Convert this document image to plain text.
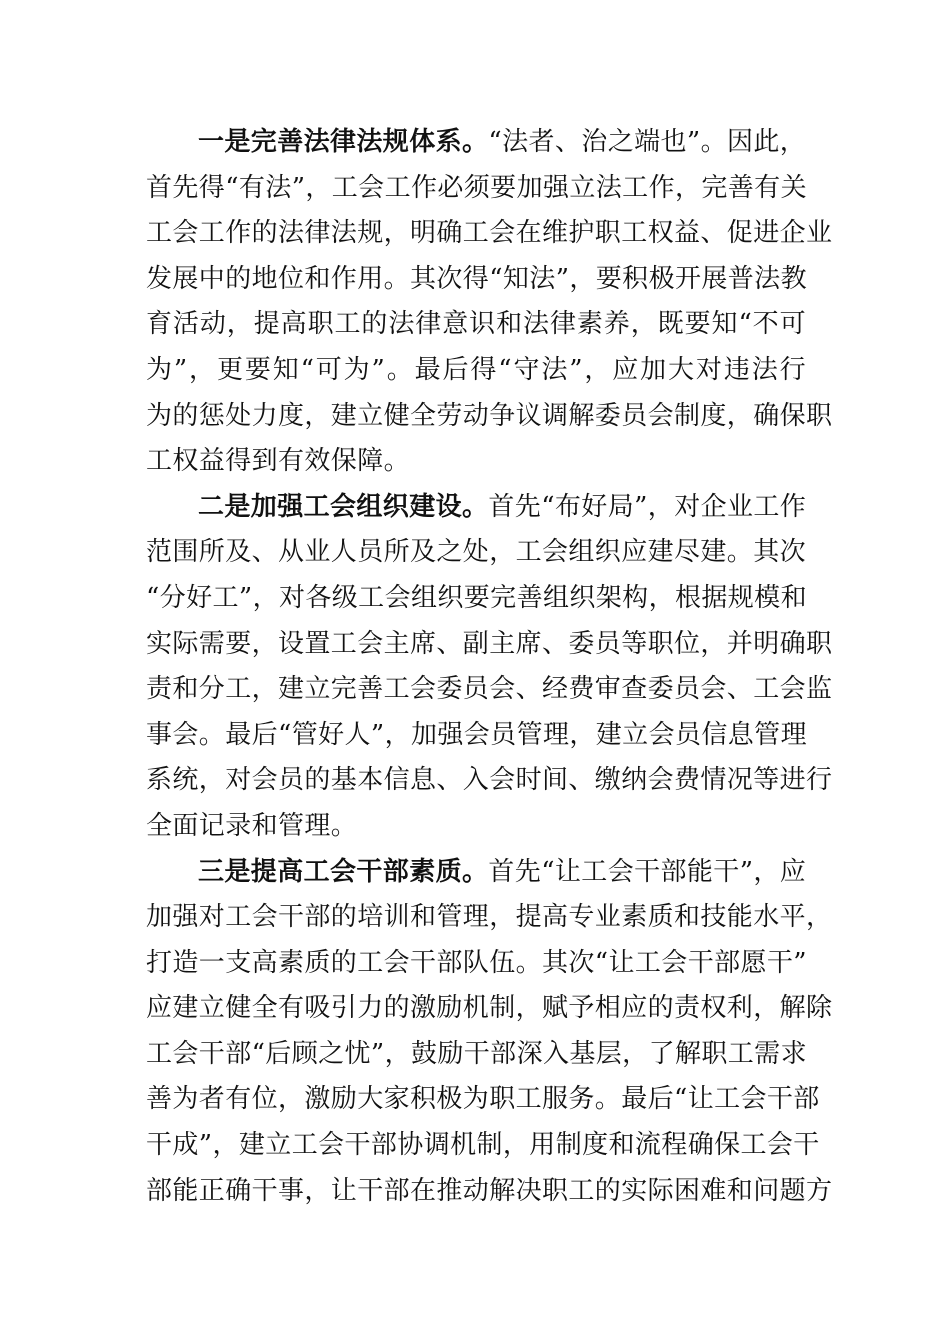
一是完善法律法规体系。“法者、治之端也”。因此，
首先得“有法”，工会工作必须要加强立法工作，完善有关
工会工作的法律法规，明确工会在维护职工权益、促进企业
发展中的地位和作用。其次得“知法”，要积极开展普法教
育活动，提高职工的法律意识和法律素养，既要知“不可
为”，更要知“可为”。最后得“守法”，应加大对违法行
为的惩处力度，建立健全劳动争议调解委员会制度，确保职
工权益得到有效保障。

二是加强工会组织建设。首先“布好局”，对企业工作
范围所及、从业人员所及之处，工会组织应建尽建。其次
“分好工”，对各级工会组织要完善组织架构，根据规模和
实际需要，设置工会主席、副主席、委员等职位，并明确职
责和分工，建立完善工会委员会、经费审查委员会、工会监
事会。最后“管好人”，加强会员管理，建立会员信息管理
系统，对会员的基本信息、入会时间、缴纳会费情况等进行
全面记录和管理。

三是提高工会干部素质。首先“让工会干部能干”，应
加强对工会干部的培训和管理，提高专业素质和技能水平，
打造一支高素质的工会干部队伍。其次“让工会干部愿干”
应建立健全有吸引力的激励机制，赋予相应的责权利，解除
工会干部“后顾之忧”，鼓励干部深入基层，了解职工需求
善为者有位，激励大家积极为职工服务。最后“让工会干部
干成”，建立工会干部协调机制，用制度和流程确保工会干
部能正确干事，让干部在推动解决职工的实际困难和问题方
